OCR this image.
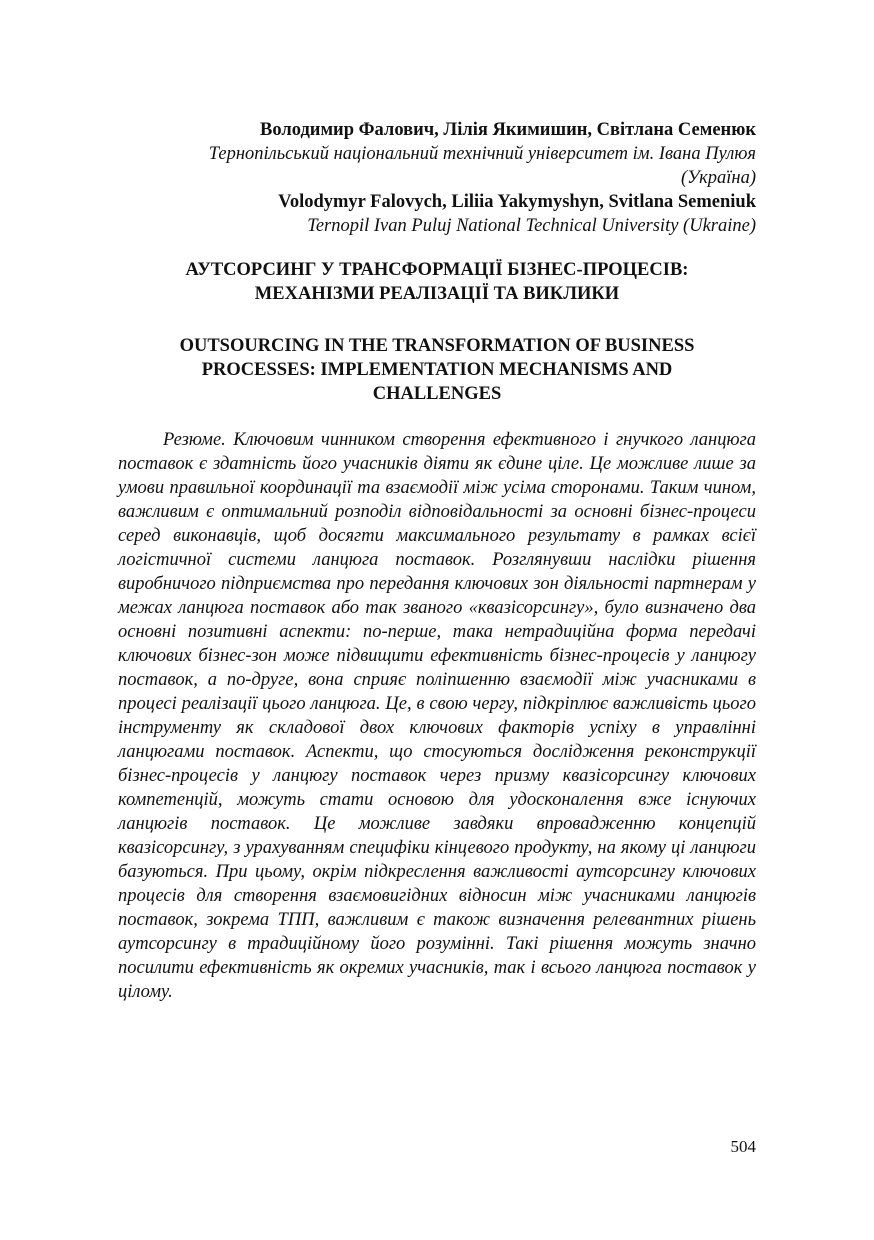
Володимир Фалович, Лілія Якимишин, Світлана Семенюк
Тернопільський національний технічний університет ім. Івана Пулюя
(Україна)
Volodymyr Falovych, Liliia Yakymyshyn, Svitlana Semeniuk
Ternopil Ivan Puluj National Technical University (Ukraine)
АУТСОРСИНГ У ТРАНСФОРМАЦІЇ БІЗНЕС-ПРОЦЕСІВ:
МЕХАНІЗМИ РЕАЛІЗАЦІЇ ТА ВИКЛИКИ
OUTSOURCING IN THE TRANSFORMATION OF BUSINESS
PROCESSES: IMPLEMENTATION MECHANISMS AND
CHALLENGES

Резюме. Ключовим чинником створення ефективного і гнучкого ланцюга поставок є здатність його учасників діяти як єдине ціле. Це можливе лише за умови правильної координації та взаємодії між усіма сторонами. Таким чином, важливим є оптимальний розподіл відповідальності за основні бізнес-процеси серед виконавців, щоб досягти максимального результату в рамках всієї логістичної системи ланцюга поставок. Розглянувши наслідки рішення виробничого підприємства про передання ключових зон діяльності партнерам у межах ланцюга поставок або так званого «квазісорсингу», було визначено два основні позитивні аспекти: по-перше, така нетрадиційна форма передачі ключових бізнес-зон може підвищити ефективність бізнес-процесів у ланцюгу поставок, а по-друге, вона сприяє поліпшенню взаємодії між учасниками в процесі реалізації цього ланцюга. Це, в свою чергу, підкріплює важливість цього інструменту як складової двох ключових факторів успіху в управлінні ланцюгами поставок. Аспекти, що стосуються дослідження реконструкції бізнес-процесів у ланцюгу поставок через призму квазісорсингу ключових компетенцій, можуть стати основою для удосконалення вже існуючих ланцюгів поставок. Це можливе завдяки впровадженню концепцій квазісорсингу, з урахуванням специфіки кінцевого продукту, на якому ці ланцюги базуються. При цьому, окрім підкреслення важливості аутсорсингу ключових процесів для створення взаємовигідних відносин між учасниками ланцюгів поставок, зокрема ТПП, важливим є також визначення релевантних рішень аутсорсингу в традиційному його розумінні. Такі рішення можуть значно посилити ефективність як окремих учасників, так і всього ланцюга поставок у цілому.

504
